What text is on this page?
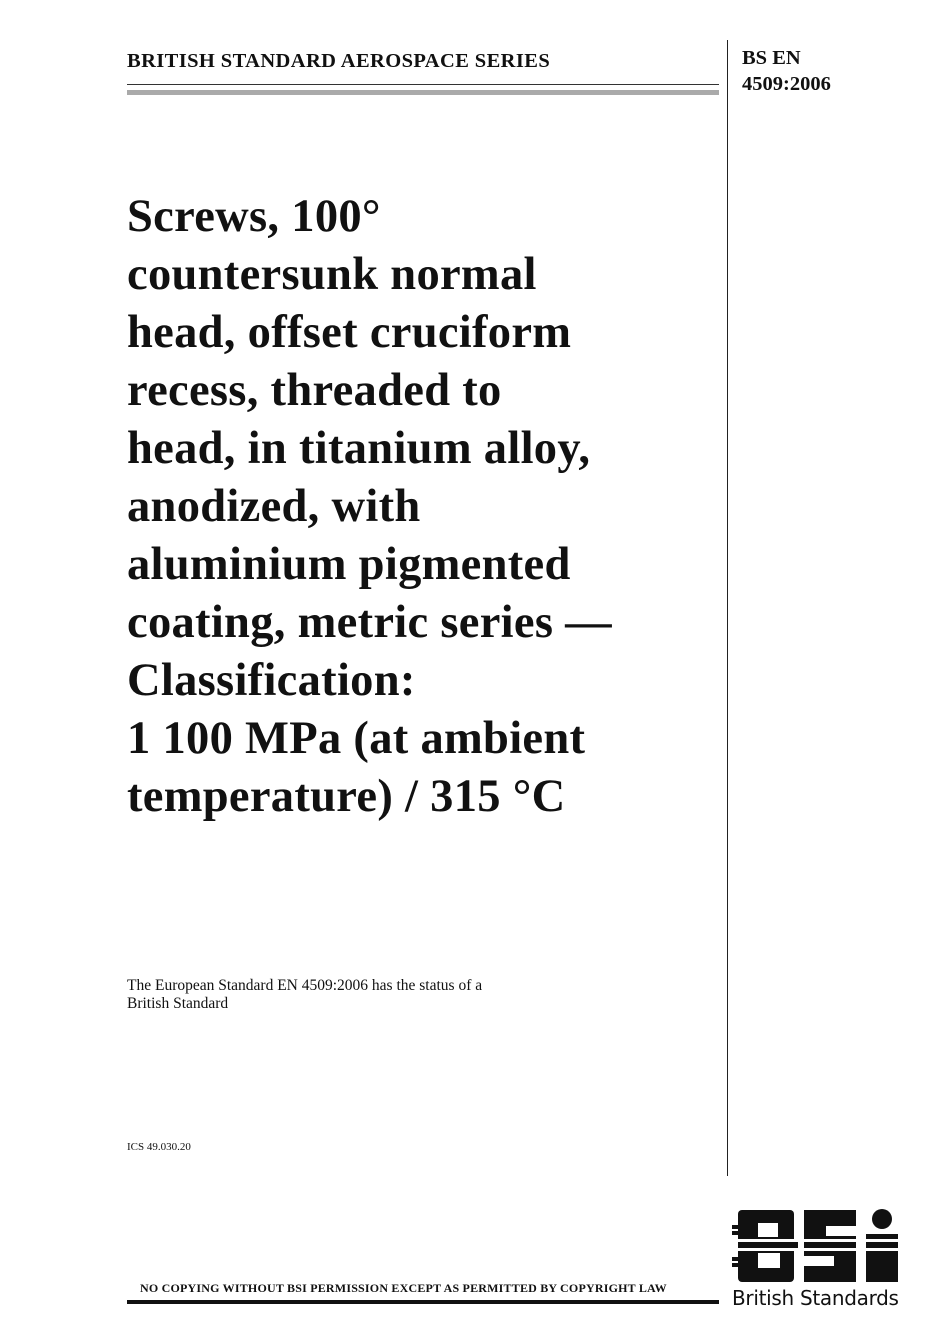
BRITISH STANDARD AEROSPACE SERIES	BS EN
4509:2006
Screws, 100°
countersunk normal
head, offset cruciform
recess, threaded to
head, in titanium alloy,
anodized, with
aluminium pigmented
coating, metric series —
Classification:
1 100 MPa (at ambient
temperature) / 315 °C
The European Standard EN 4509:2006 has the status of a
British Standard
ICS 49.030.20
NO COPYING WITHOUT BSI PERMISSION EXCEPT AS PERMITTED BY COPYRIGHT LAW	British Standards
